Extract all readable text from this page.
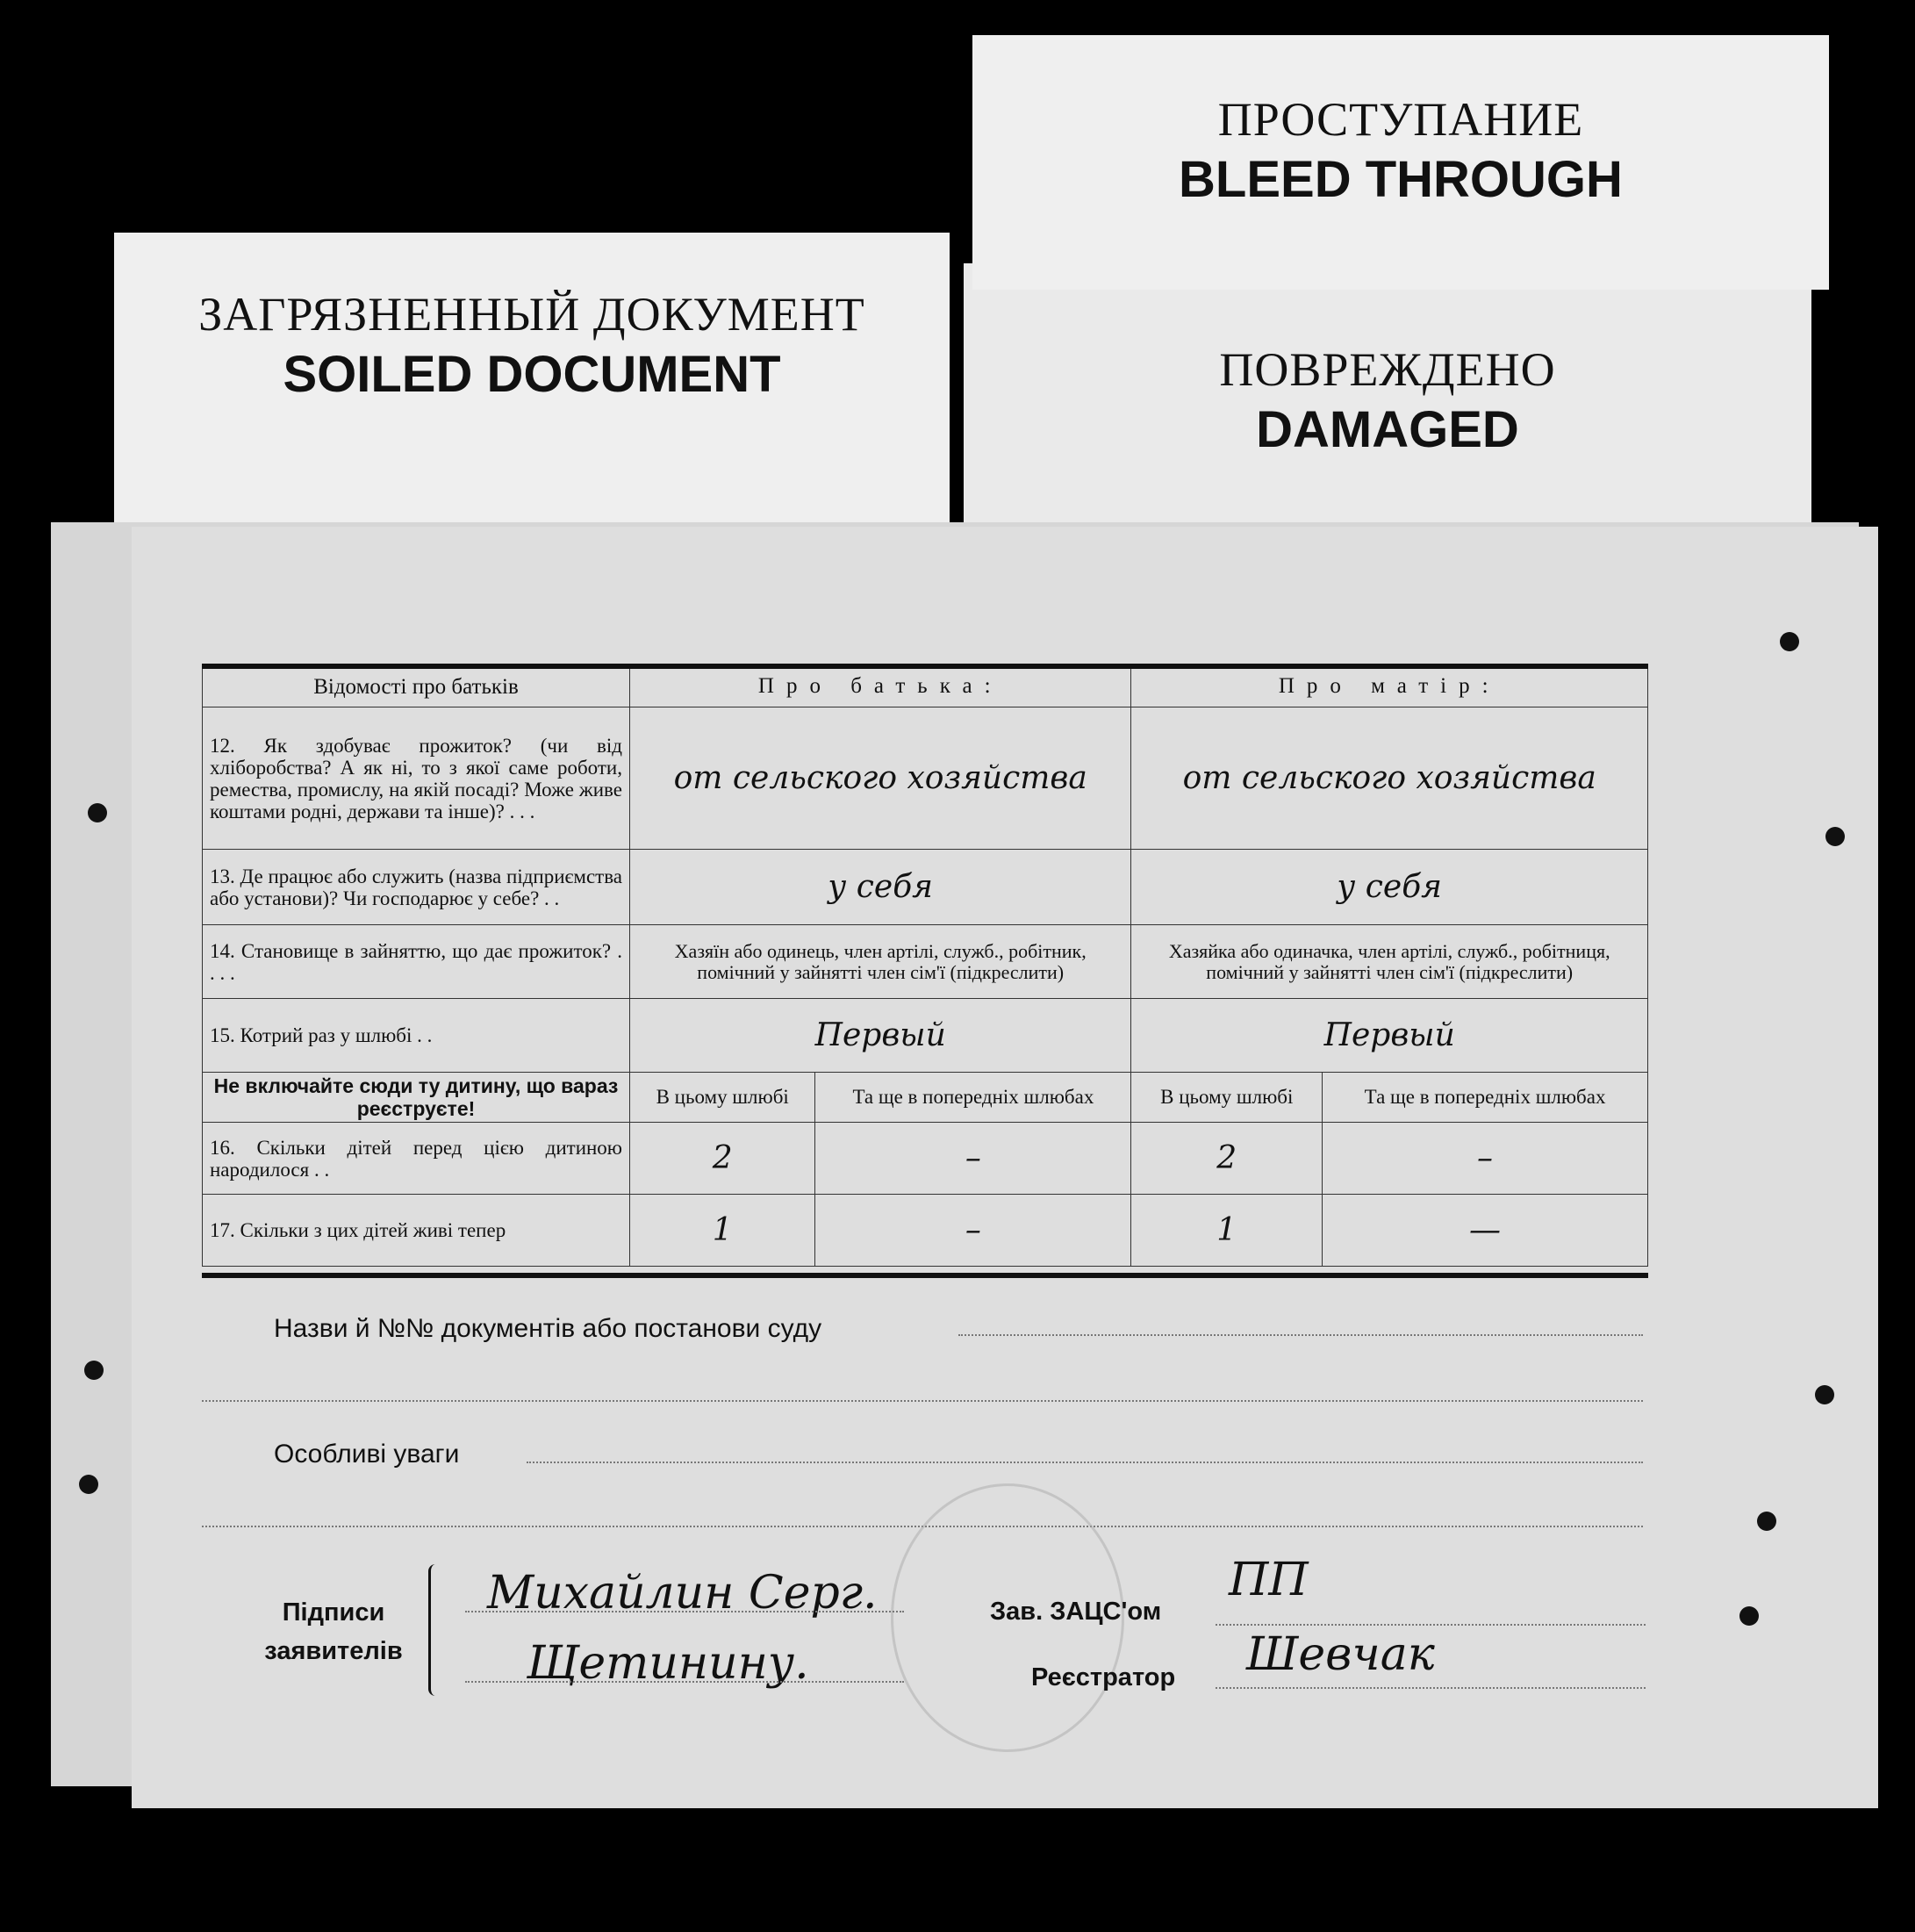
ЗАГРЯЗНЕННЫЙ ДОКУМЕНТ
SOILED DOCUMENT	ПОВРЕЖДЕНО
DAMAGED
ПРОСТУПАНИЕ
BLEED THROUGH
Відомості про батьків	Про батька:		Про матір:	
12. Як здобуває прожиток? (чи від хліборобства? А як ні, то з якої саме роботи, ремества, промислу, на якій посаді? Може живе коштами родні, держави та інше)? . . .	от сельского хозяйства		от сельского хозяйства	
13. Де працює або служить (назва підприємства або установи)? Чи господарює у себе? . .	у себя		у себя	
14. Становище в зайняттю, що дає прожиток? . . . .	Хазяїн або одинець, член артілі, служб., робітник, помічний у зайнятті член сім'ї (підкреслити)		Хазяйка або одиначка, член артілі, служб., робітниця, помічний у зайнятті член сім'ї (підкреслити)	
15. Котрий раз у шлюбі . .	Первый		Первый	
Не включайте сюди ту дитину, що вараз реєструєте!	В цьому шлюбі	Та ще в попередніх шлюбах	В цьому шлюбі	Та ще в попередніх шлюбах
16. Скільки дітей перед цією дитиною народилося . .	2	–	2	–
17. Скільки з цих дітей живі тепер	1	–	1	—
Назви й №№ документів або постанови суду
Особливі уваги
Підписи заявителів
Михайлин Серг.
Щетинину.
Зав. ЗАЦС'ом
ПП
Реєстратор Шевчак
